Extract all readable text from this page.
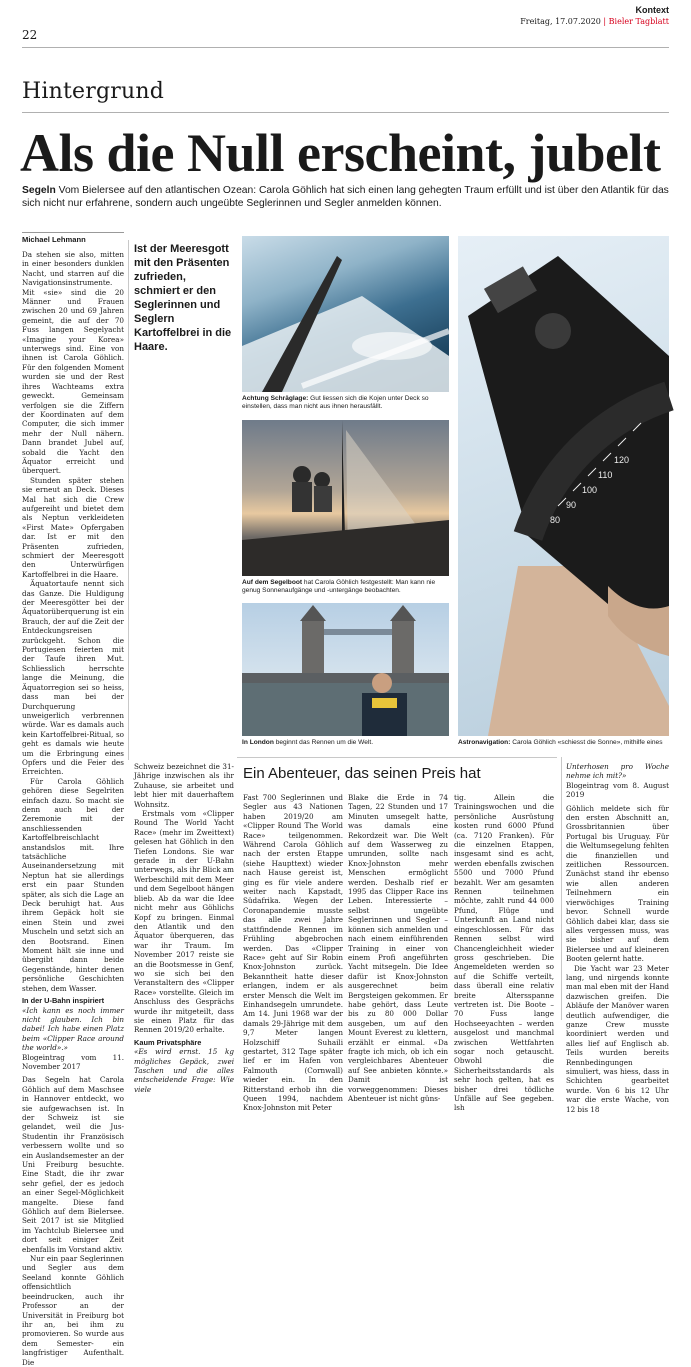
22
Kontext
Freitag, 17.07.2020 | Bieler Tagblatt
Hintergrund
Als die Null erscheint, jubelt
Segeln Vom Bielersee auf den atlantischen Ozean: Carola Göhlich hat sich einen lang gehegten Traum erfüllt und ist über den Atlantik für das sich nicht nur erfahrene, sondern auch ungeübte Seglerinnen und Segler anmelden können.
Michael Lehmann

Da stehen sie also, mitten in einer besonders dunklen Nacht, und starren auf die Navigationsinstrumente. Mit «sie» sind die 20 Männer und Frauen zwischen 20 und 69 Jahren gemeint, die auf der 70 Fuss langen Segelyacht «Imagine your Korea» unterwegs sind. Eine von ihnen ist Carola Göhlich. Für den folgenden Moment wurden sie und der Rest ihres Wachteams extra geweckt. Gemeinsam verfolgen sie die Ziffern der Koordinaten auf dem Computer, die sich immer mehr der Null nähern. Dann brandet Jubel auf, sobald die Yacht den Äquator erreicht und überquert.

Stunden später stehen sie erneut an Deck. Dieses Mal hat sich die Crew aufgereiht und bietet dem als Neptun verkleideten «First Mate» Opfergaben dar. Ist er mit den Präsenten zufrieden, schmiert der Meeresgott den Unterwürfigen Kartoffelbrei in die Haare.

Äquatortaufe nennt sich das Ganze. Die Huldigung der Meeresgötter bei der Äquatorüberquerung ist ein Brauch, der auf die Zeit der Entdeckungsreisen zurückgeht. Schon die Portugiesen feierten mit der Taufe ihren Mut. Schliesslich herrschte lange die Meinung, die Äquatorregion sei so heiss, dass man bei der Durchquerung unweigerlich verbrennen würde. War es damals auch kein Kartoffelbrei-Ritual, so geht es damals wie heute um die Erbringung eines Opfers und die Feier des Erreichten.

Für Carola Göhlich gehören diese Segelriten einfach dazu. So macht sie denn auch bei der Zeremonie mit der anschliessenden Kartoffelbreischlacht anstandslos mit. Ihre tatsächliche Auseinandersetzung mit Neptun hat sie allerdings erst ein paar Stunden später, als sich die Lage an Deck beruhigt hat. Aus ihrem Gepäck holt sie einen Stein und zwei Muscheln und setzt sich an den Bootsrand. Einen Moment hält sie inne und übergibt dann beide Gegenstände, hinter denen persönliche Geschichten stehen, dem Wasser.

In der U-Bahn inspiriert

«Ich kann es noch immer nicht glauben. Ich bin dabei! Ich habe einen Platz beim «Clipper Race around the world».»

Blogeintrag vom 11. November 2017

Das Segeln hat Carola Göhlich auf dem Maschsee in Hannover entdeckt, wo sie aufgewachsen ist. In der Schweiz ist sie gelandet, weil die Jus-Studentin ihr Französisch verbessern wollte und so ein Auslandsemester an der Uni Freiburg besuchte. Eine Stadt, die ihr zwar sehr gefiel, der es jedoch an einer Segel-Möglichkeit mangelte. Diese fand Göhlich auf dem Bielersee. Seit 2017 ist sie Mitglied im Yachtclub Bielersee und dort seit einiger Zeit ebenfalls im Vorstand aktiv.

Nur ein paar Seglerinnen und Segler aus dem Seeland konnte Göhlich offensichtlich beeindrucken, auch ihr Professor an der Universität in Freiburg bot ihr an, bei ihm zu promovieren. So wurde aus dem Semester- ein langfristiger Aufenthalt. Die

Ist der Meeresgott mit den Präsenten zufrieden, schmiert er den Seglerinnen und Seglern Kartoffelbrei in die Haare.
Achtung Schräglage: Gut liessen sich die Kojen unter Deck so einstellen, dass man nicht aus ihnen herausfällt.
Auf dem Segelboot hat Carola Göhlich festgestellt: Man kann nie genug Sonnenaufgänge und -untergänge beobachten.
In London beginnt das Rennen um die Welt.
80
90
100
110
120
Astronavigation: Carola Göhlich «schiesst die Sonne», mithilfe eines

Schweiz bezeichnet die 31-Jährige inzwischen als ihr Zuhause, sie arbeitet und lebt hier mit dauerhaftem Wohnsitz.

Erstmals vom «Clipper Round The World Yacht Race» (mehr im Zweittext) gelesen hat Göhlich in den Tiefen Londons. Sie war gerade in der U-Bahn unterwegs, als ihr Blick am Werbeschild mit dem Meer und dem Segelboot hängen blieb. Ab da war die Idee nicht mehr aus Göhlichs Kopf zu bringen. Einmal den Atlantik und den Äquator überqueren, das war ihr Traum. Im November 2017 reiste sie an die Bootsmesse in Genf, wo sie sich bei den Veranstaltern des «Clipper Race» vorstellte. Gleich im Anschluss des Gesprächs wurde ihr mitgeteilt, dass sie einen Platz für das Rennen 2019/20 erhalte.

Kaum Privatsphäre

«Es wird ernst. 15 kg mögliches Gepäck, zwei Taschen und die alles entscheidende Frage: Wie viele

Ein Abenteuer, das seinen Preis hat

Fast 700 Seglerinnen und Segler aus 43 Nationen haben 2019/20 am «Clipper Round The World Race» teilgenommen. Während Carola Göhlich nach der ersten Etappe (siehe Haupttext) wieder nach Hause gereist ist, ging es für viele andere weiter nach Kapstadt, Südafrika. Wegen der Coronapandemie musste das alle zwei Jahre stattfindende Rennen im Frühling abgebrochen werden. Das «Clipper Race» geht auf Sir Robin Knox-Johnston zurück. Bekanntheit hatte dieser erlangen, indem er als erster Mensch die Welt im Einhandsegeln umrundete. Am 14. Juni 1968 war der damals 29-Jährige mit dem 9,7 Meter langen Holzschiff Suhaili gestartet, 312 Tage später lief er im Hafen von Falmouth (Cornwall) wieder ein. In den Ritterstand erhob ihn die Queen 1994, nachdem Knox-Johnston mit Peter

Blake die Erde in 74 Tagen, 22 Stunden und 17 Minuten umsegelt hatte, was damals eine Rekordzeit war. Die Welt auf dem Wasserweg zu umrunden, sollte nach Knox-Johnston mehr Menschen ermöglicht werden. Deshalb rief er 1995 das Clipper Race ins Leben. Interessierte – selbst ungeübte Seglerinnen und Segler – können sich anmelden und nach einem einführenden Training in einer von einem Profi angeführten Yacht mitsegeln. Die Idee dafür ist Knox-Johnston ausgerechnet beim Bergsteigen gekommen. Er habe gehört, dass Leute bis zu 80 000 Dollar ausgeben, um auf den Mount Everest zu klettern, erzählt er einmal. «Da fragte ich mich, ob ich ein vergleichbares Abenteuer auf See anbieten könnte.» Damit ist vorweggenommen: Dieses Abenteuer ist nicht güns-

tig. Allein die Trainingswochen und die persönliche Ausrüstung kosten rund 6000 Pfund (ca. 7120 Franken). Für die einzelnen Etappen, insgesamt sind es acht, werden ebenfalls zwischen 5500 und 7000 Pfund bezahlt. Wer am gesamten Rennen teilnehmen möchte, zahlt rund 44 000 Pfund, Flüge und Unterkunft an Land nicht eingeschlossen. Für das Rennen selbst wird Chancengleichheit wieder gross geschrieben. Die Angemeldeten werden so auf die Schiffe verteilt, dass überall eine relativ breite Altersspanne vertreten ist. Die Boote – 70 Fuss lange Hochseeyachten – werden ausgelost und manchmal zwischen Wettfahrten sogar noch getauscht. Obwohl die Sicherheitsstandards als sehr hoch gelten, hat es bisher drei tödliche Unfälle auf See gegeben. lsh

Unterhosen pro Woche nehme ich mit?»

Blogeintrag vom 8. August 2019

Göhlich meldete sich für den ersten Abschnitt an, Grossbritannien über Portugal bis Uruguay. Für die Weltumsegelung fehlten die finanziellen und zeitlichen Ressourcen. Zunächst stand ihr ebenso wie allen anderen Teilnehmern ein vierwöchiges Training bevor. Schnell wurde Göhlich dabei klar, dass sie alles vergessen muss, was sie bisher auf dem Bielersee und auf kleineren Booten gelernt hatte.

Die Yacht war 23 Meter lang, und nirgends konnte man mal eben mit der Hand dazwischen greifen. Die Abläufe der Manöver waren deutlich aufwendiger, die ganze Crew musste koordiniert werden und alles lief auf Englisch ab. Teils wurden bereits Rennbedingungen simuliert, was hiess, dass in Schichten gearbeitet wurde. Von 6 bis 12 Uhr war die erste Wache, von 12 bis 18
